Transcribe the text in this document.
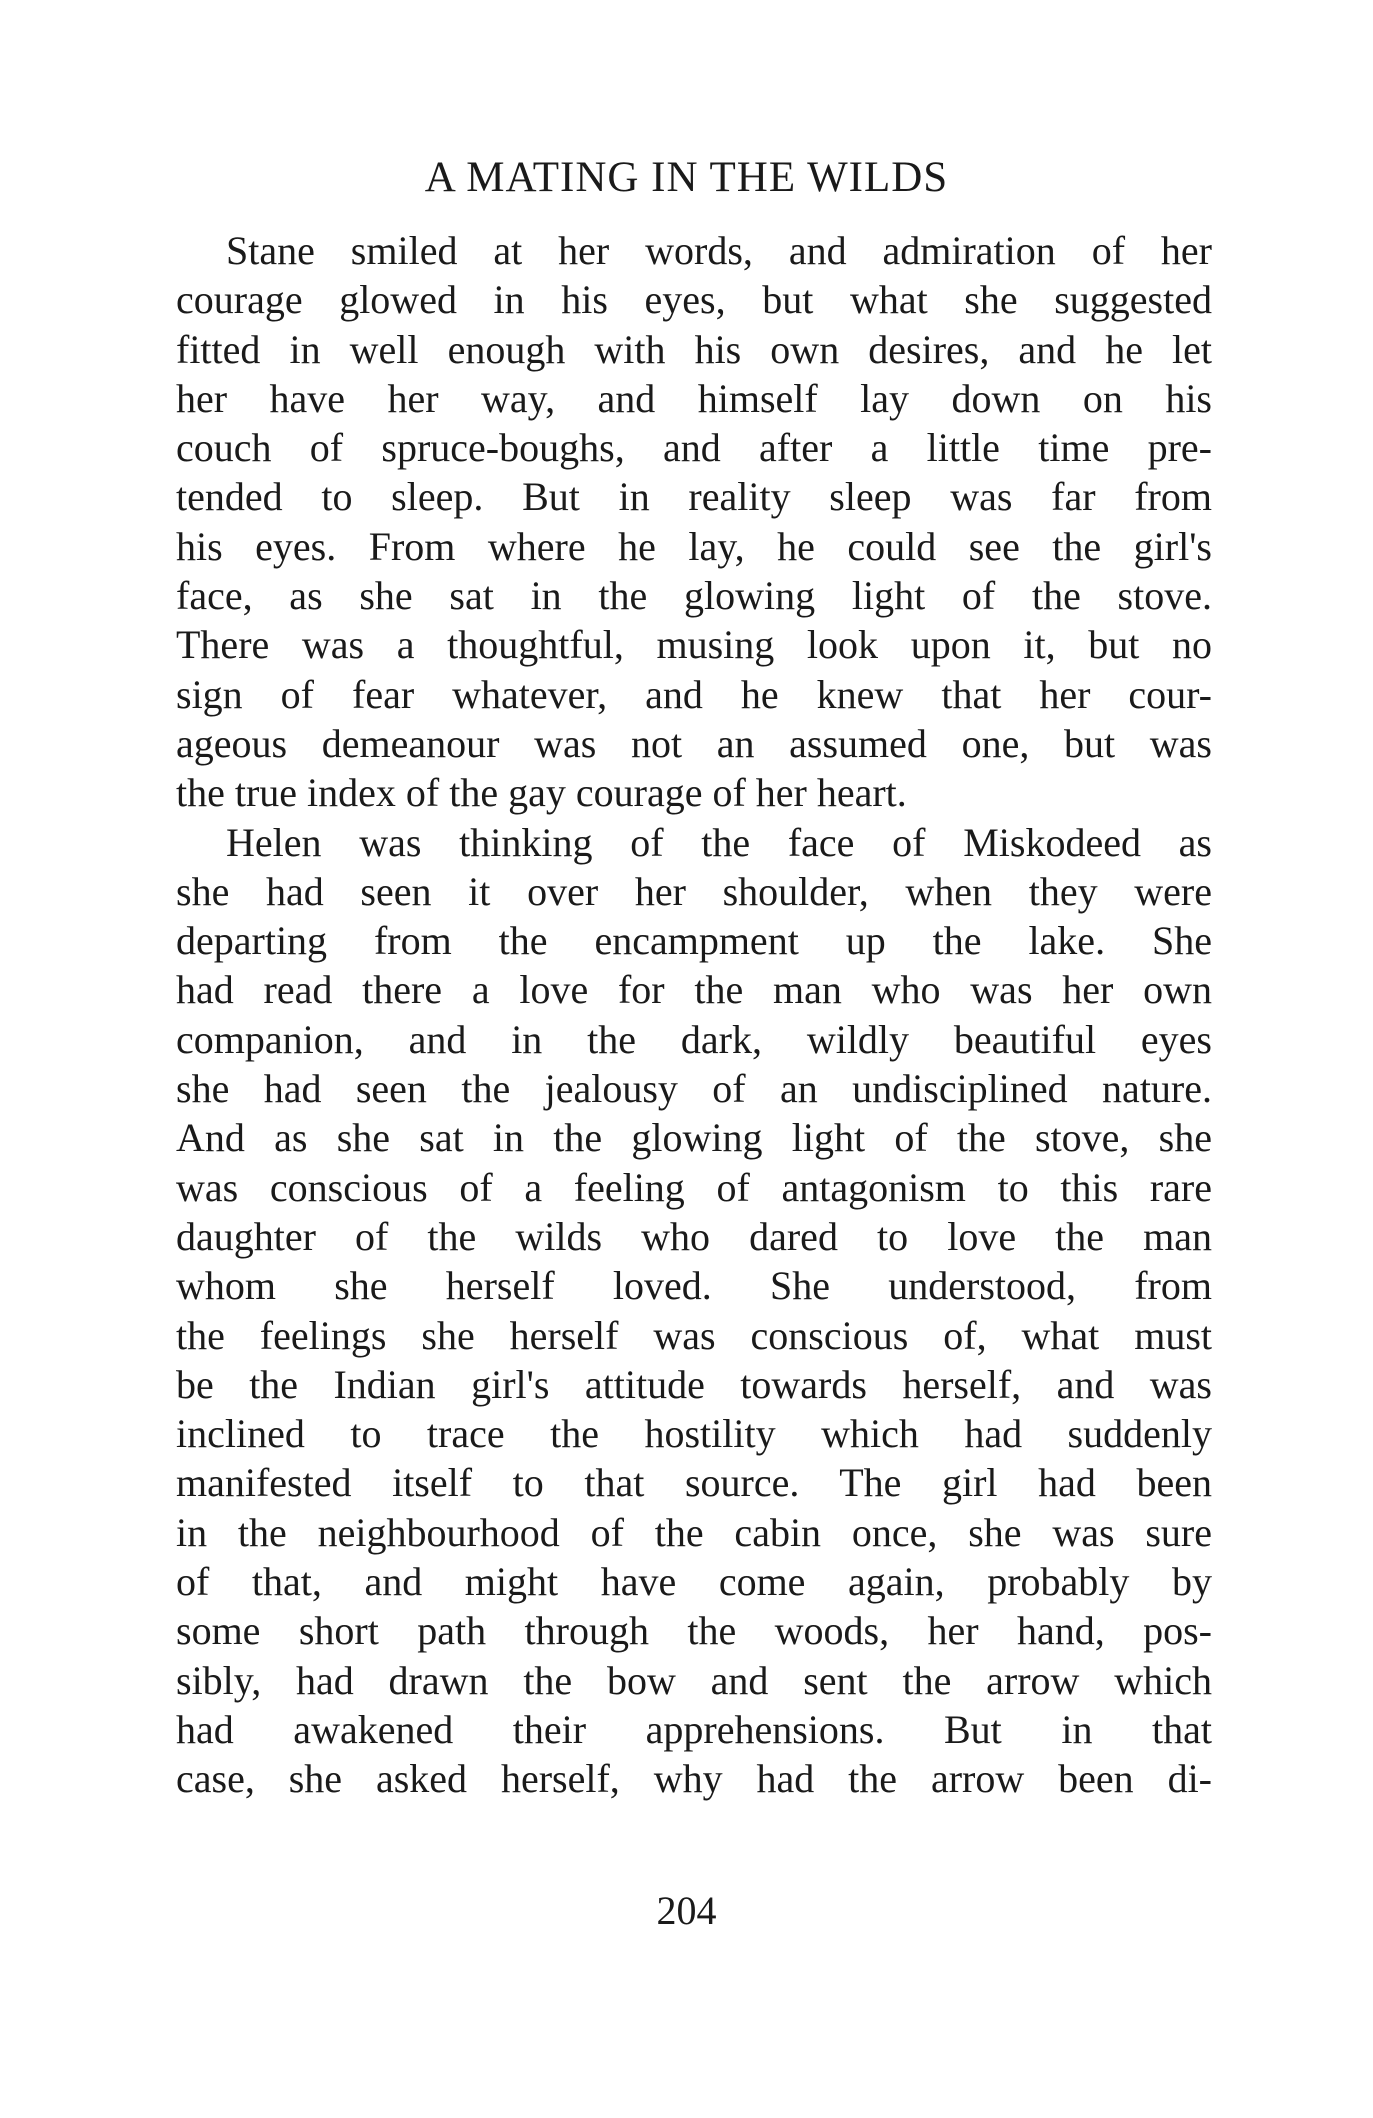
A MATING IN THE WILDS
Stane smiled at her words, and admiration of her
courage glowed in his eyes, but what she suggested
fitted in well enough with his own desires, and he let
her have her way, and himself lay down on his
couch of spruce-boughs, and after a little time pre-
tended to sleep. But in reality sleep was far from
his eyes. From where he lay, he could see the girl's
face, as she sat in the glowing light of the stove.
There was a thoughtful, musing look upon it, but no
sign of fear whatever, and he knew that her cour-
ageous demeanour was not an assumed one, but was
the true index of the gay courage of her heart.
Helen was thinking of the face of Miskodeed as
she had seen it over her shoulder, when they were
departing from the encampment up the lake. She
had read there a love for the man who was her own
companion, and in the dark, wildly beautiful eyes
she had seen the jealousy of an undisciplined nature.
And as she sat in the glowing light of the stove, she
was conscious of a feeling of antagonism to this rare
daughter of the wilds who dared to love the man
whom she herself loved. She understood, from
the feelings she herself was conscious of, what must
be the Indian girl's attitude towards herself, and was
inclined to trace the hostility which had suddenly
manifested itself to that source. The girl had been
in the neighbourhood of the cabin once, she was sure
of that, and might have come again, probably by
some short path through the woods, her hand, pos-
sibly, had drawn the bow and sent the arrow which
had awakened their apprehensions. But in that
case, she asked herself, why had the arrow been di-
204
